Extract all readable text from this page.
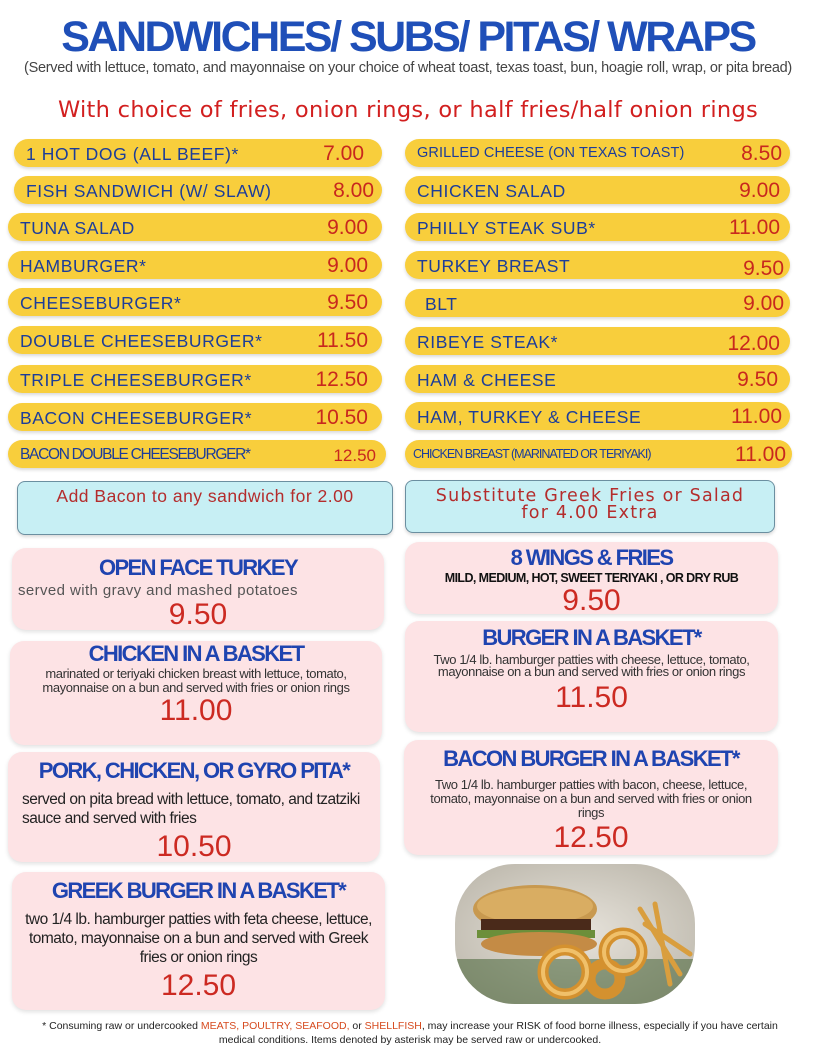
SANDWICHES/ SUBS/ PITAS/ WRAPS
(Served with lettuce, tomato, and mayonnaise on your choice of wheat toast, texas toast, bun, hoagie roll, wrap, or pita bread)
With choice of fries, onion rings, or half fries/half onion rings
1 HOT DOG (ALL BEEF)*	7.00
FISH SANDWICH (W/ SLAW)	8.00
TUNA SALAD	9.00
HAMBURGER*	9.00
CHEESEBURGER*	9.50
DOUBLE CHEESEBURGER*	11.50
TRIPLE CHEESEBURGER*	12.50
BACON CHEESEBURGER*	10.50
BACON DOUBLE CHEESEBURGER*	12.50
GRILLED CHEESE (ON TEXAS TOAST)	8.50
CHICKEN SALAD	9.00
PHILLY STEAK SUB*	11.00
TURKEY BREAST	9.50
BLT	9.00
RIBEYE STEAK*	12.00
HAM & CHEESE	9.50
HAM, TURKEY & CHEESE	11.00
CHICKEN BREAST (MARINATED OR TERIYAKI)	11.00
Add Bacon to any sandwich for 2.00	Substitute Greek Fries or Salad for 4.00 Extra
OPEN FACE TURKEY
served with gravy and mashed potatoes
9.50
CHICKEN IN A BASKET
marinated or teriyaki chicken breast with lettuce, tomato, mayonnaise on a bun and served with fries or onion rings
11.00
PORK, CHICKEN, OR GYRO PITA*
served on pita bread with lettuce, tomato, and tzatziki sauce and served with fries
10.50
GREEK BURGER IN A BASKET*
two 1/4 lb. hamburger patties with feta cheese, lettuce, tomato, mayonnaise on a bun and served with Greek fries or onion rings
12.50
8 WINGS & FRIES
MILD, MEDIUM, HOT, SWEET TERIYAKI , OR DRY RUB
9.50
BURGER IN A BASKET*
Two 1/4 lb. hamburger patties with cheese, lettuce, tomato, mayonnaise on a bun and served with fries or onion rings
11.50
BACON BURGER IN A BASKET*
Two 1/4 lb. hamburger patties with bacon, cheese, lettuce, tomato, mayonnaise on a bun and served with fries or onion rings
12.50
* Consuming raw or undercooked MEATS, POULTRY, SEAFOOD, or SHELLFISH, may increase your RISK of food borne illness, especially if you have certain medical conditions. Items denoted by asterisk may be served raw or undercooked.
